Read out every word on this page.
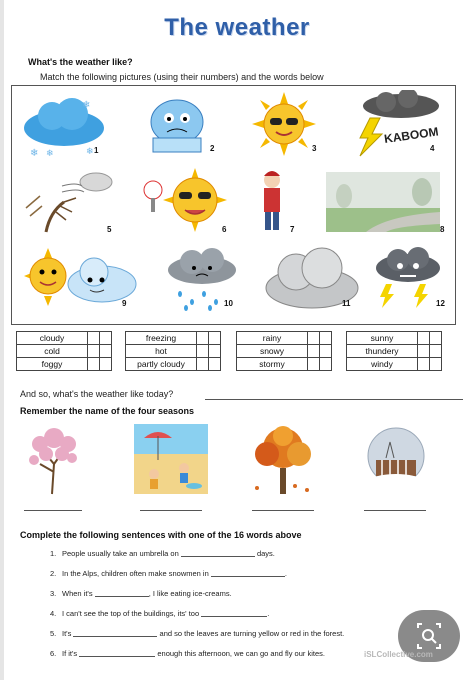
The weather
What's the weather like?
Match the following pictures (using their numbers) and the words below
❄
❄ ❄	❄ 1	2	3
KABOOM
4
5	6	7	8
9	10	11	12
cloudy		
cold		
foggy		
freezing		
hot		
partly cloudy		
rainy		
snowy		
stormy		
sunny		
thundery		
windy		
And so, what's the weather like today?
Remember the name of the four seasons
Complete the following sentences with one of the 16 words above
1. People usually take an umbrella on	days.
2. In the Alps, children often make snowmen in	.
3. When it's	, I like eating ice-creams.
4. I can't see the top of the buildings, its' too	.
5. It's	and so the leaves are turning yellow or red in the forest.
6. If it's	enough this afternoon, we can go and fly our kites.	iSLCollective.com
